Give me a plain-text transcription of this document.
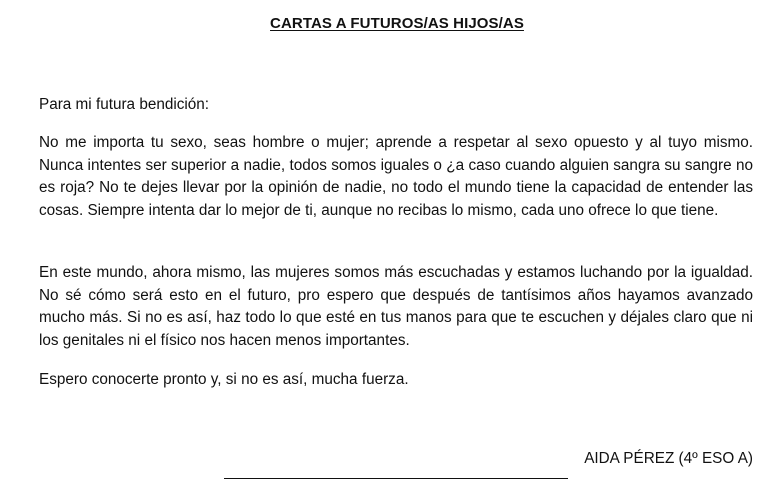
CARTAS A FUTUROS/AS HIJOS/AS

Para mi futura bendición:

No me importa tu sexo, seas hombre o mujer; aprende a respetar al sexo opuesto y al tuyo mismo. Nunca intentes ser superior a nadie, todos somos iguales o ¿a caso cuando alguien sangra su sangre no es roja? No te dejes llevar por la opinión de nadie, no todo el mundo tiene la capacidad de entender las cosas. Siempre intenta dar lo mejor de ti, aunque no recibas lo mismo, cada uno ofrece lo que tiene.

En este mundo, ahora mismo, las mujeres somos más escuchadas y estamos luchando por la igualdad. No sé cómo será esto en el futuro, pro espero que después de tantísimos años hayamos avanzado mucho más. Si no es así, haz todo lo que esté en tus manos para que te escuchen y déjales claro que ni los genitales ni el físico nos hacen menos importantes.

Espero conocerte pronto y, si no es así, mucha fuerza.

AIDA PÉREZ (4º ESO A)
